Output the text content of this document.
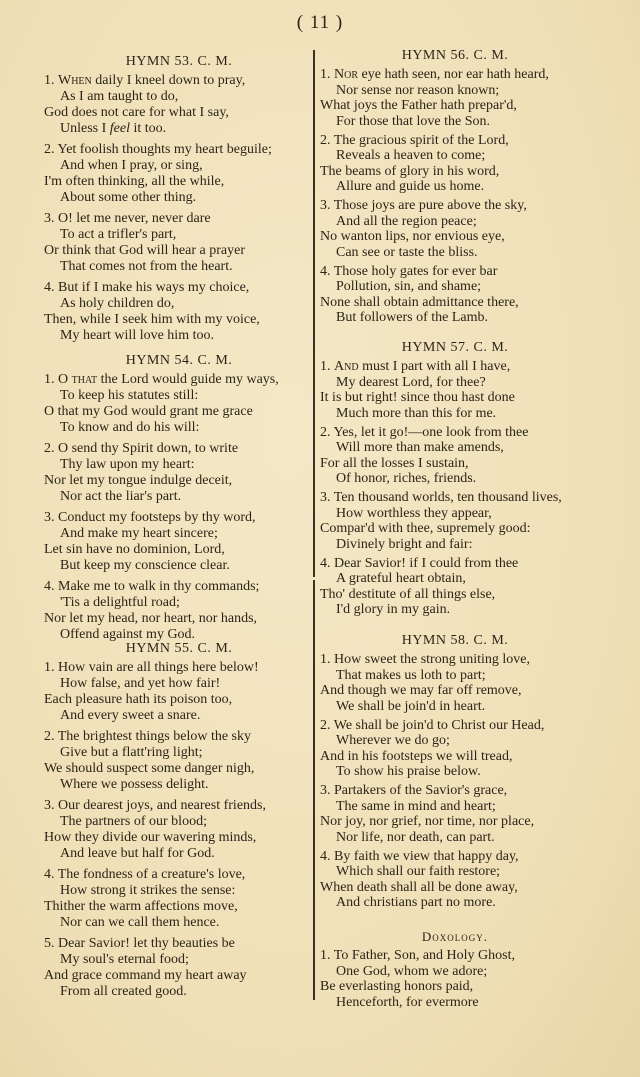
( 11 )
HYMN 53. C. M.
1. When daily I kneel down to pray,
As I am taught to do,
God does not care for what I say,
Unless I feel it too.
2. Yet foolish thoughts my heart beguile;
And when I pray, or sing,
I'm often thinking, all the while,
About some other thing.
3. O! let me never, never dare
To act a trifler's part,
Or think that God will hear a prayer
That comes not from the heart.
4. But if I make his ways my choice,
As holy children do,
Then, while I seek him with my voice,
My heart will love him too.
HYMN 54. C. M.
1. O that the Lord would guide my ways,
To keep his statutes still:
O that my God would grant me grace
To know and do his will:
2. O send thy Spirit down, to write
Thy law upon my heart:
Nor let my tongue indulge deceit,
Nor act the liar's part.
3. Conduct my footsteps by thy word,
And make my heart sincere;
Let sin have no dominion, Lord,
But keep my conscience clear.
4. Make me to walk in thy commands;
'Tis a delightful road;
Nor let my head, nor heart, nor hands,
Offend against my God.
HYMN 55. C. M.
1. How vain are all things here below!
How false, and yet how fair!
Each pleasure hath its poison too,
And every sweet a snare.
2. The brightest things below the sky
Give but a flatt'ring light;
We should suspect some danger nigh,
Where we possess delight.
3. Our dearest joys, and nearest friends,
The partners of our blood;
How they divide our wavering minds,
And leave but half for God.
4. The fondness of a creature's love,
How strong it strikes the sense:
Thither the warm affections move,
Nor can we call them hence.
5. Dear Savior! let thy beauties be
My soul's eternal food;
And grace command my heart away
From all created good.
HYMN 56. C. M.
1. Nor eye hath seen, nor ear hath heard,
Nor sense nor reason known;
What joys the Father hath prepar'd,
For those that love the Son.
2. The gracious spirit of the Lord,
Reveals a heaven to come;
The beams of glory in his word,
Allure and guide us home.
3. Those joys are pure above the sky,
And all the region peace;
No wanton lips, nor envious eye,
Can see or taste the bliss.
4. Those holy gates for ever bar
Pollution, sin, and shame;
None shall obtain admittance there,
But followers of the Lamb.
HYMN 57. C. M.
1. And must I part with all I have,
My dearest Lord, for thee?
It is but right! since thou hast done
Much more than this for me.
2. Yes, let it go!—one look from thee
Will more than make amends,
For all the losses I sustain,
Of honor, riches, friends.
3. Ten thousand worlds, ten thousand lives,
How worthless they appear,
Compar'd with thee, supremely good:
Divinely bright and fair:
4. Dear Savior! if I could from thee
A grateful heart obtain,
Tho' destitute of all things else,
I'd glory in my gain.
HYMN 58. C. M.
1. How sweet the strong uniting love,
That makes us loth to part;
And though we may far off remove,
We shall be join'd in heart.
2. We shall be join'd to Christ our Head,
Wherever we do go;
And in his footsteps we will tread,
To show his praise below.
3. Partakers of the Savior's grace,
The same in mind and heart;
Nor joy, nor grief, nor time, nor place,
Nor life, nor death, can part.
4. By faith we view that happy day,
Which shall our faith restore;
When death shall all be done away,
And christians part no more.
Doxology.
1. To Father, Son, and Holy Ghost,
One God, whom we adore;
Be everlasting honors paid,
Henceforth, for evermore
